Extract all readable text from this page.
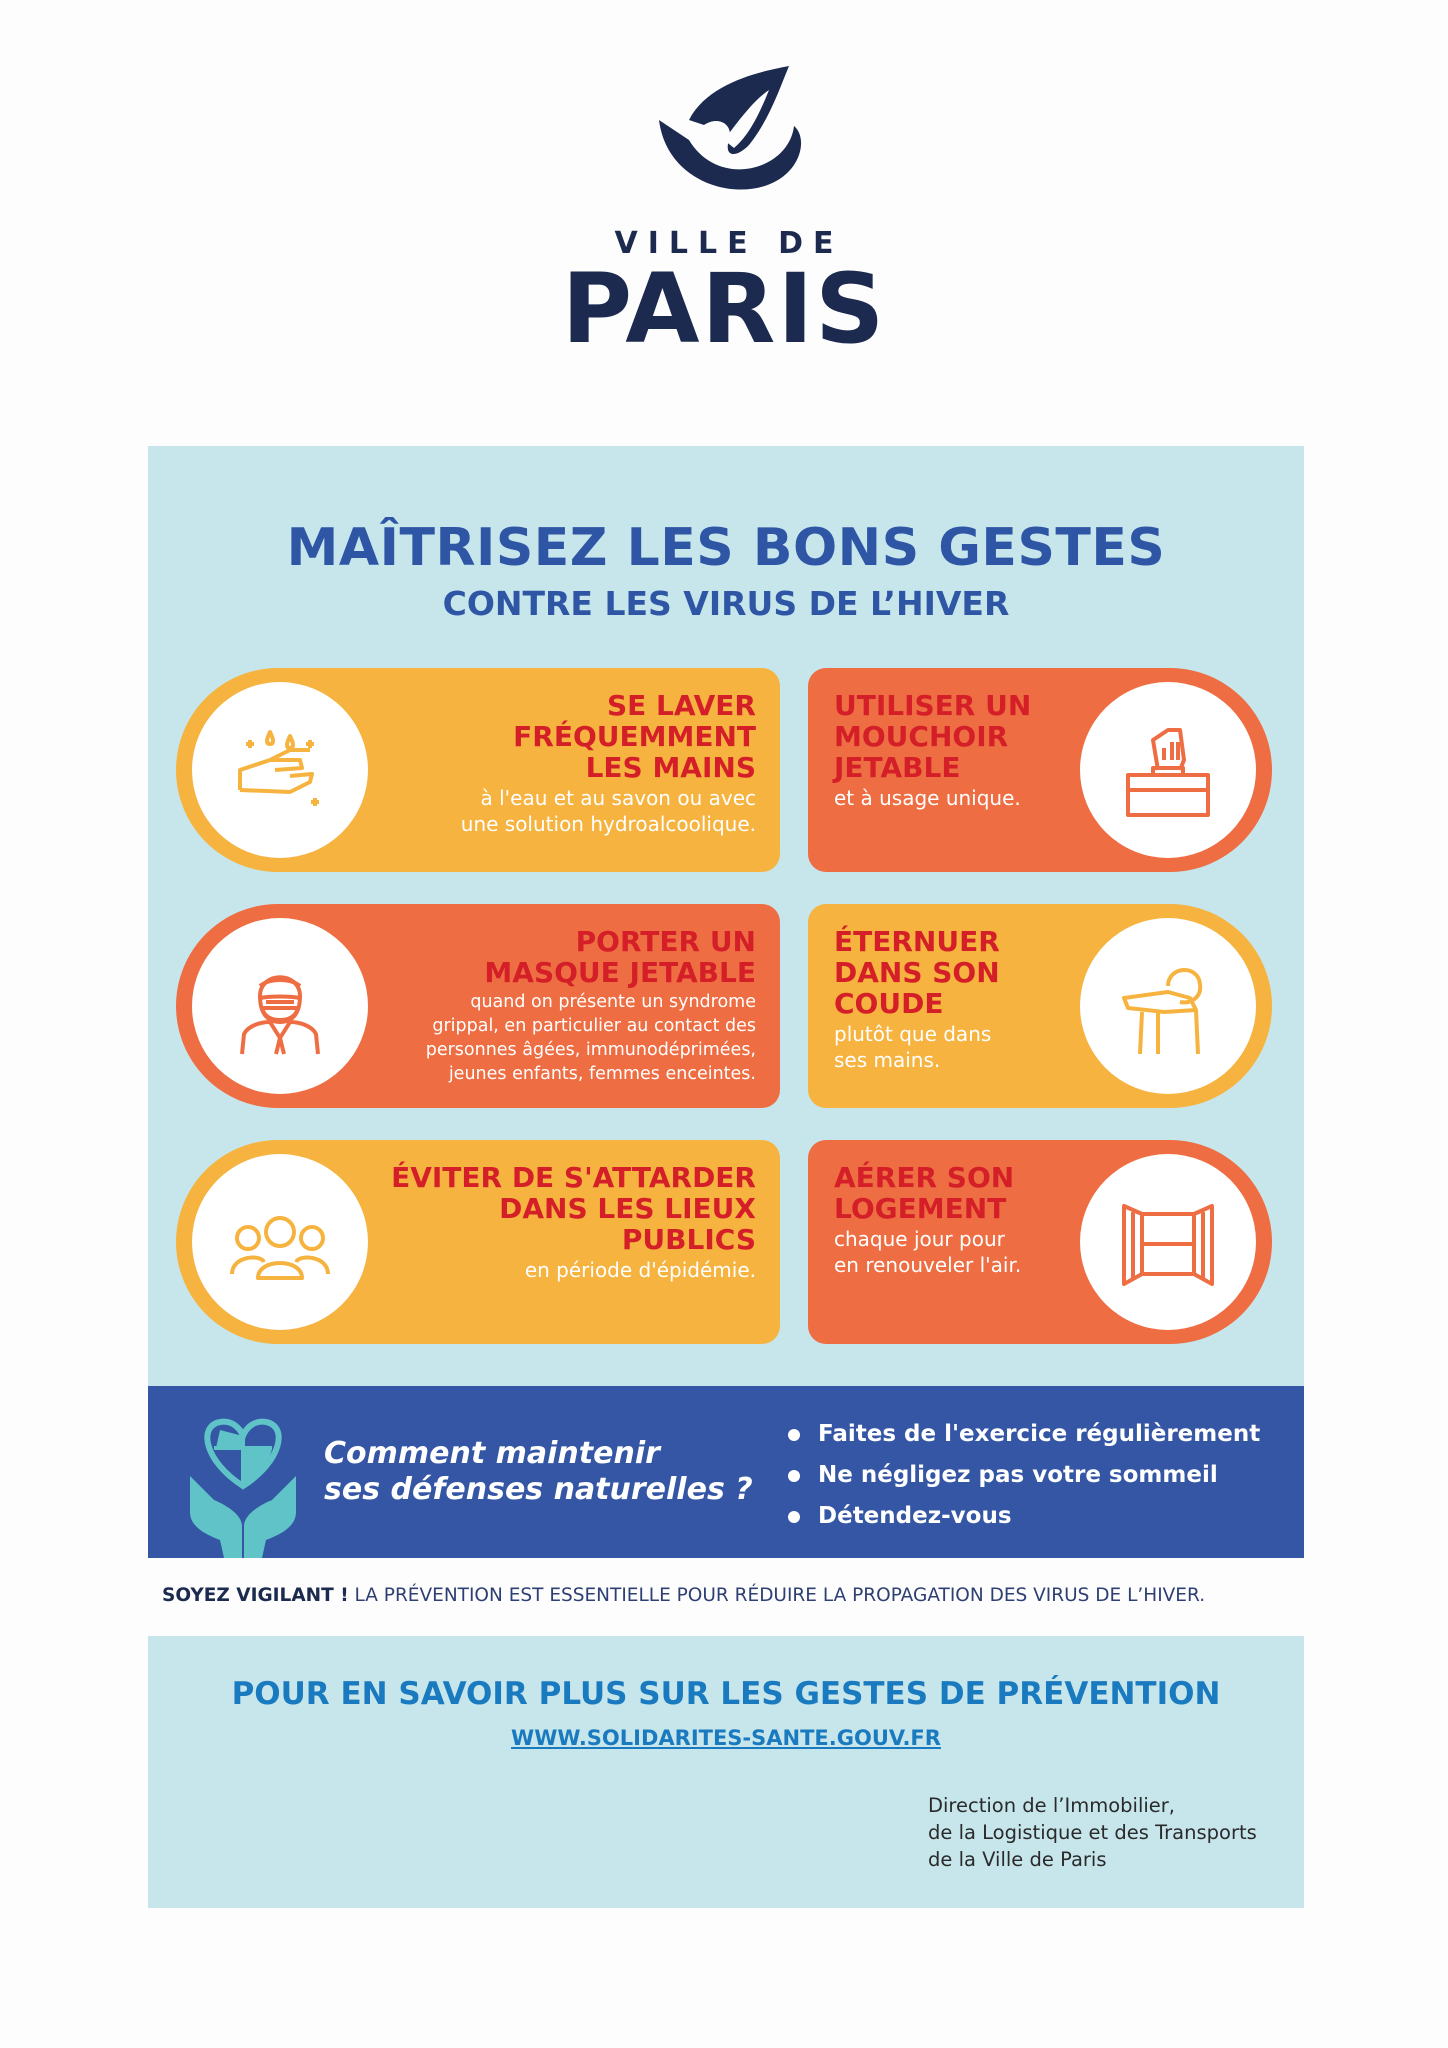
VILLE DE
PARIS
MAÎTRISEZ LES BONS GESTES
CONTRE LES VIRUS DE L’HIVER
SE LAVER
FRÉQUEMMENT
LES MAINS
à l'eau et au savon ou avec
une solution hydroalcoolique.
UTILISER UN
MOUCHOIR
JETABLE
et à usage unique.
PORTER UN
MASQUE JETABLE
quand on présente un syndrome
grippal, en particulier au contact des
personnes âgées, immunodéprimées,
jeunes enfants, femmes enceintes.
ÉTERNUER
DANS SON
COUDE
plutôt que dans
ses mains.
ÉVITER DE S'ATTARDER
DANS LES LIEUX
PUBLICS
en période d'épidémie.
AÉRER SON
LOGEMENT
chaque jour pour
en renouveler l'air.
Comment maintenir
ses défenses naturelles ?
Faites de l'exercice régulièrement
Ne négligez pas votre sommeil
Détendez-vous
SOYEZ VIGILANT ! LA PRÉVENTION EST ESSENTIELLE POUR RÉDUIRE LA PROPAGATION DES VIRUS DE L’HIVER.
POUR EN SAVOIR PLUS SUR LES GESTES DE PRÉVENTION
WWW.SOLIDARITES-SANTE.GOUV.FR
Direction de l’Immobilier,
de la Logistique et des Transports
de la Ville de Paris
